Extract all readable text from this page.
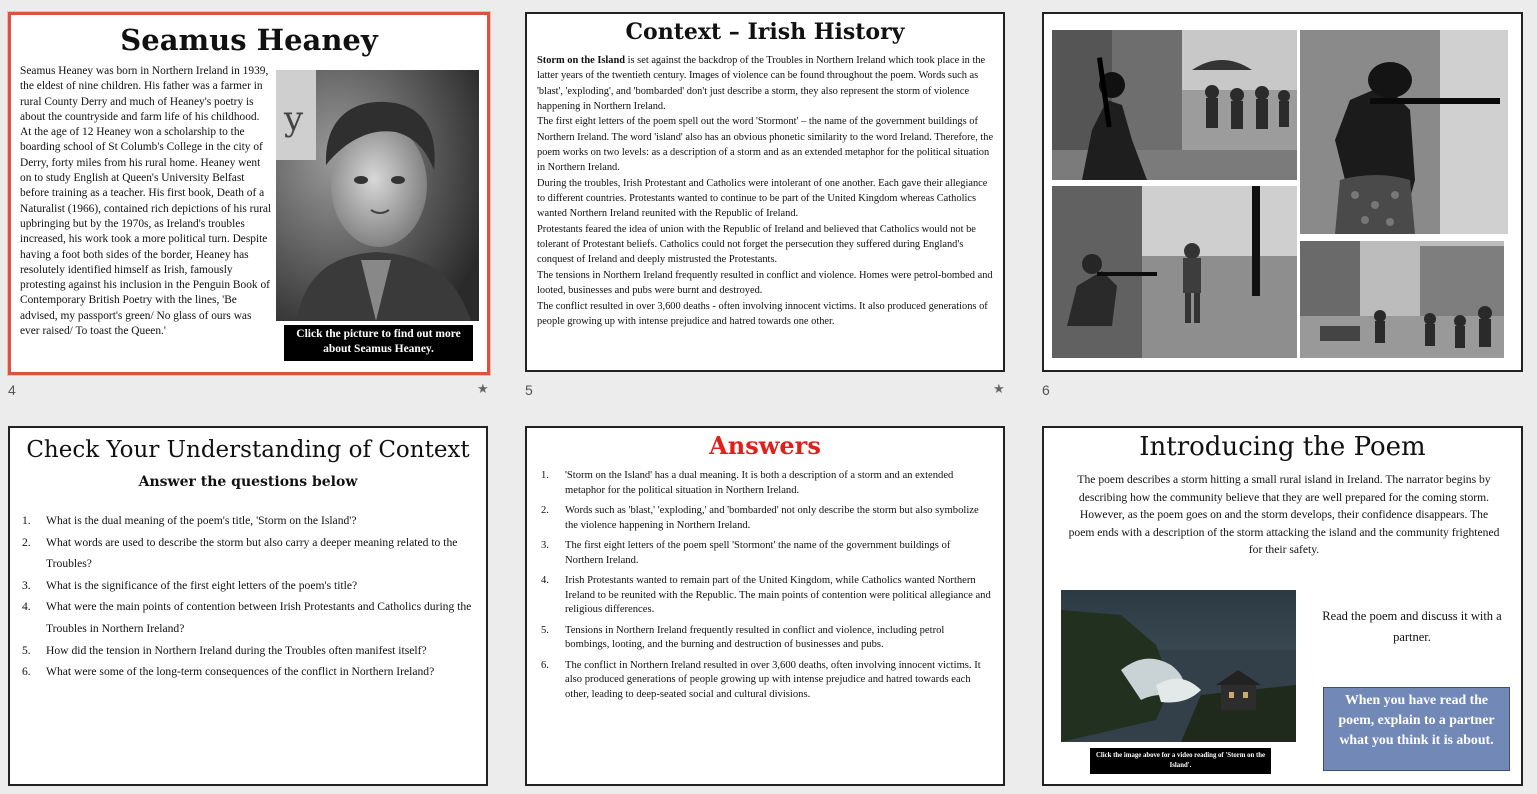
Seamus Heaney
Seamus Heaney was born in Northern Ireland in 1939, the eldest of nine children. His father was a farmer in rural County Derry and much of Heaney's poetry is about the countryside and farm life of his childhood. At the age of 12 Heaney won a scholarship to the boarding school of St Columb's College in the city of Derry, forty miles from his rural home. Heaney went on to study English at Queen's University Belfast before training as a teacher. His first book, Death of a Naturalist (1966), contained rich depictions of his rural upbringing but by the 1970s, as Ireland's troubles increased, his work took a more political turn. Despite having a foot both sides of the border, Heaney has resolutely identified himself as Irish, famously protesting against his inclusion in the Penguin Book of Contemporary British Poetry with the lines, 'Be advised, my passport's green/ No glass of ours was ever raised/ To toast the Queen.'
y
Click the picture to find out more about Seamus Heaney.
4	★
Context – Irish History

Storm on the Island is set against the backdrop of the Troubles in Northern Ireland which took place in the latter years of the twentieth century. Images of violence can be found throughout the poem. Words such as 'blast', 'exploding', and 'bombarded' don't just describe a storm, they also represent the storm of violence happening in Northern Ireland.

The first eight letters of the poem spell out the word 'Stormont' – the name of the government buildings of Northern Ireland. The word 'island' also has an obvious phonetic similarity to the word Ireland. Therefore, the poem works on two levels: as a description of a storm and as an extended metaphor for the political situation in Northern Ireland.

During the troubles, Irish Protestant and Catholics were intolerant of one another. Each gave their allegiance to different countries. Protestants wanted to continue to be part of the United Kingdom whereas Catholics wanted Northern Ireland reunited with the Republic of Ireland.

Protestants feared the idea of union with the Republic of Ireland and believed that Catholics would not be tolerant of Protestant beliefs. Catholics could not forget the persecution they suffered during England's conquest of Ireland and deeply mistrusted the Protestants.

The tensions in Northern Ireland frequently resulted in conflict and violence. Homes were petrol-bombed and looted, businesses and pubs were burnt and destroyed.

The conflict resulted in over 3,600 deaths - often involving innocent victims. It also produced generations of people growing up with intense prejudice and hatred towards one other.

5	★	6
Check Your Understanding of Context
Answer the questions below
1. What is the dual meaning of the poem's title, 'Storm on the Island'?
2. What words are used to describe the storm but also carry a deeper meaning related to the Troubles?
3. What is the significance of the first eight letters of the poem's title?
4. What were the main points of contention between Irish Protestants and Catholics during the Troubles in Northern Ireland?
5. How did the tension in Northern Ireland during the Troubles often manifest itself?
6. What were some of the long-term consequences of the conflict in Northern Ireland?
Answers
1. 'Storm on the Island' has a dual meaning. It is both a description of a storm and an extended metaphor for the political situation in Northern Ireland.
2. Words such as 'blast,' 'exploding,' and 'bombarded' not only describe the storm but also symbolize the violence happening in Northern Ireland.
3. The first eight letters of the poem spell 'Stormont' the name of the government buildings of Northern Ireland.
4. Irish Protestants wanted to remain part of the United Kingdom, while Catholics wanted Northern Ireland to be reunited with the Republic. The main points of contention were political allegiance and religious differences.
5. Tensions in Northern Ireland frequently resulted in conflict and violence, including petrol bombings, looting, and the burning and destruction of businesses and pubs.
6. The conflict in Northern Ireland resulted in over 3,600 deaths, often involving innocent victims. It also produced generations of people growing up with intense prejudice and hatred towards each other, leading to deep-seated social and cultural divisions.
Introducing the Poem
The poem describes a storm hitting a small rural island in Ireland. The narrator begins by describing how the community believe that they are well prepared for the coming storm. However, as the poem goes on and the storm develops, their confidence disappears. The poem ends with a description of the storm attacking the island and the community frightened for their safety.
Click the image above for a video reading of 'Storm on the Island'.
Read the poem and discuss it with a partner.
When you have read the poem, explain to a partner what you think it is about.
